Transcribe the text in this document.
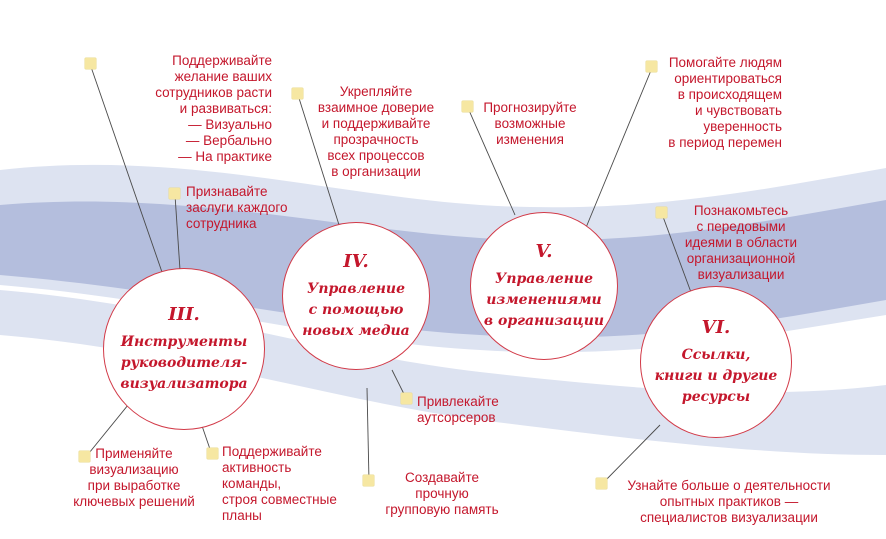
Поддерживайте
желание ваших
сотрудников расти
и развиваться:
— Визуально
— Вербально
— На практике
Признавайте
заслуги каждого
сотрудника
Применяйте
визуализацию
при выработке
ключевых решений
Поддерживайте
активность
команды,
строя совместные
планы
Укрепляйте
взаимное доверие
и поддерживайте
прозрачность
всех процессов
в организации
Привлекайте
аутсорсеров
Создавайте
прочную
групповую память
Прогнозируйте
возможные
изменения
Помогайте людям
ориентироваться
в происходящем
и чувствовать
уверенность
в период перемен
Познакомьтесь
с передовыми
идеями в области
организационной
визуализации
Узнайте больше о деятельности
опытных практиков —
специалистов визуализации
III.
Инструменты
руководителя-
визуализатора
IV.
Управление
с помощью
новых медиа
V.
Управление
изменениями
в организации	VI.
Ссылки,
книги и другие
ресурсы
